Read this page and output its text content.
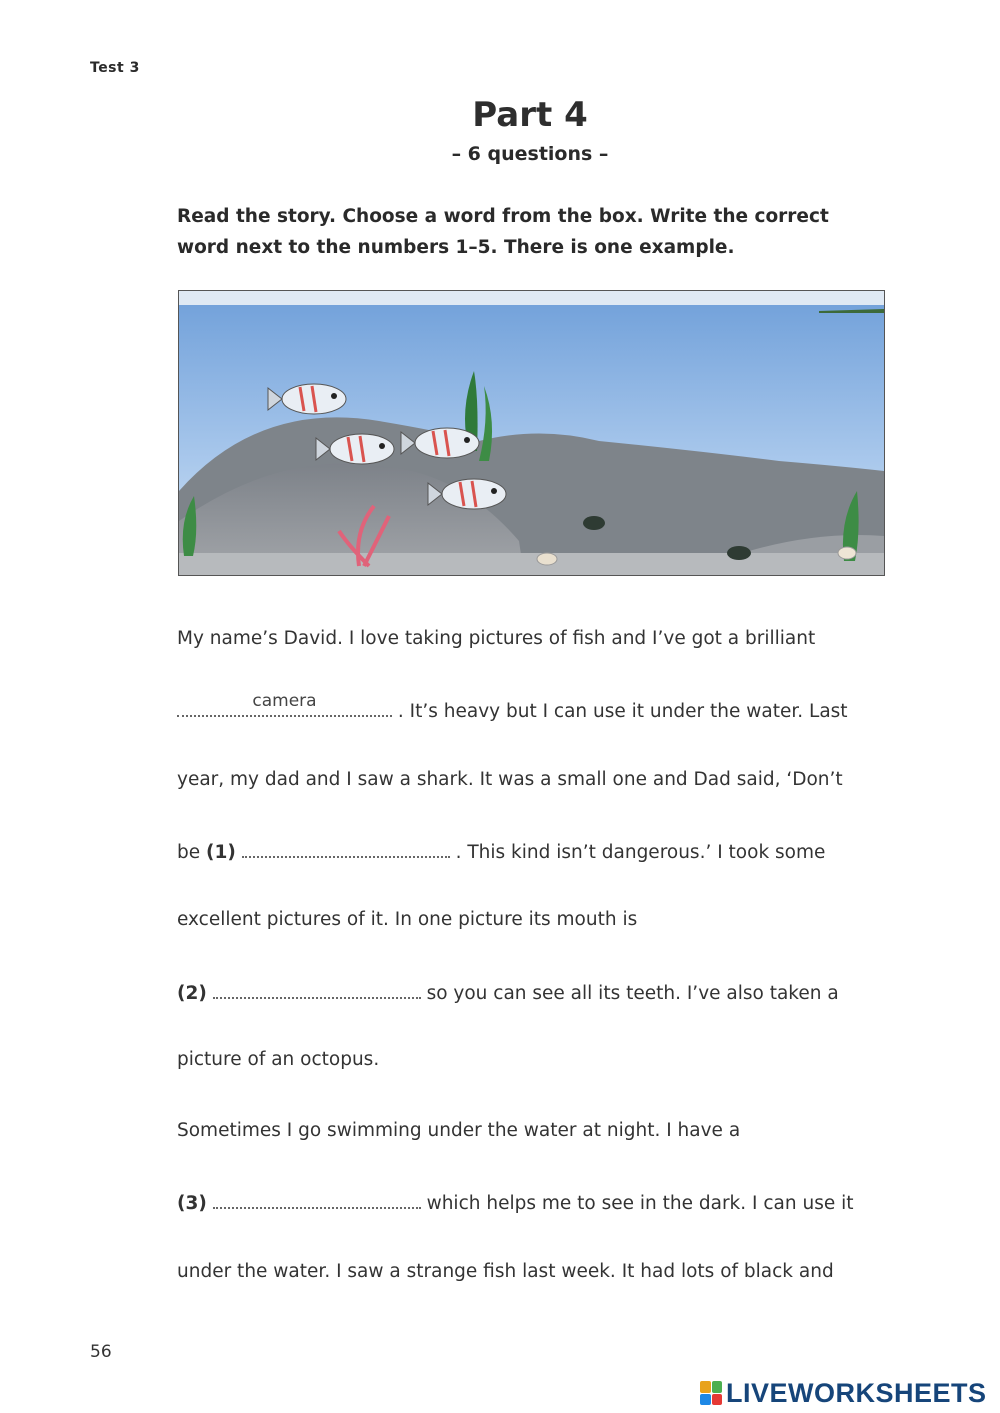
Test 3
Part 4
– 6 questions –
Read the story. Choose a word from the box. Write the correct
word next to the numbers 1–5. There is one example.
My name’s David. I love taking pictures of fish and I’ve got a brilliant
camera	. It’s heavy but I can use it under the water. Last
year, my dad and I saw a shark. It was a small one and Dad said, ‘Don’t
be (1)	. This kind isn’t dangerous.’ I took some
excellent pictures of it. In one picture its mouth is
(2)	so you can see all its teeth. I’ve also taken a
picture of an octopus.
Sometimes I go swimming under the water at night. I have a
(3)	which helps me to see in the dark. I can use it
under the water. I saw a strange fish last week. It had lots of black and
56
LIVEWORKSHEETS
